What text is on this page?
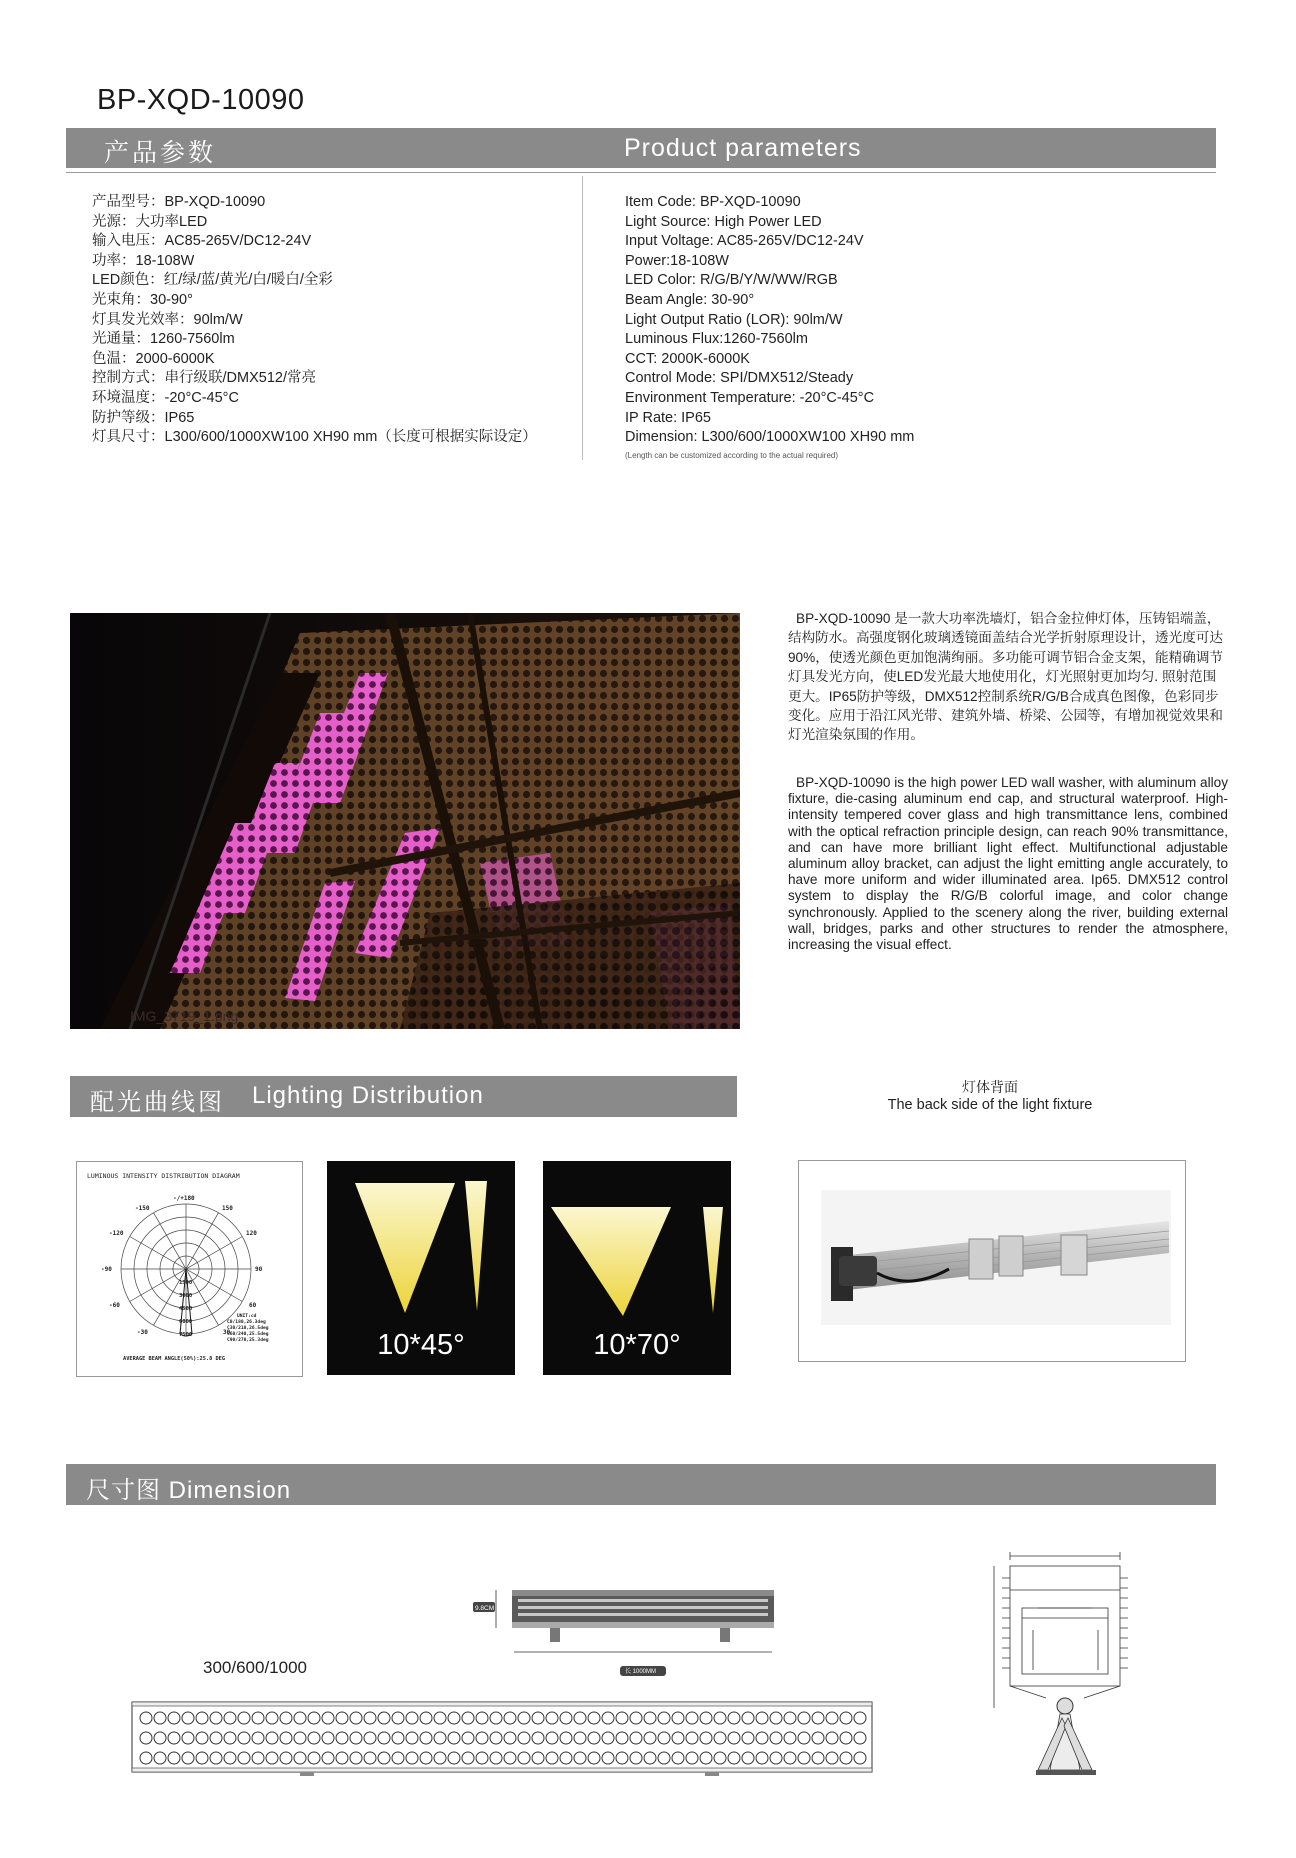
BP-XQD-10090
产品参数	Product parameters
产品型号：BP-XQD-10090
光源：大功率LED
输入电压：AC85-265V/DC12-24V
功率：18-108W
LED颜色：红/绿/蓝/黄光/白/暖白/全彩
光束角：30-90°
灯具发光效率：90lm/W
光通量：1260-7560lm
色温：2000-6000K
控制方式：串行级联/DMX512/常亮
环境温度：-20°C-45°C
防护等级：IP65
灯具尺寸：L300/600/1000XW100 XH90 mm（长度可根据实际设定）
Item Code: BP-XQD-10090
Light Source: High Power LED
Input Voltage: AC85-265V/DC12-24V
Power:18-108W
LED Color: R/G/B/Y/W/WW/RGB
Beam Angle: 30-90°
Light Output Ratio (LOR): 90lm/W
Luminous Flux:1260-7560lm
CCT: 2000K-6000K
Control Mode: SPI/DMX512/Steady
Environment Temperature: -20°C-45°C
IP Rate: IP65
Dimension: L300/600/1000XW100 XH90 mm
(Length can be customized according to the actual required)
IMG_3719_1.png
BP-XQD-10090 是一款大功率洗墙灯，铝合金拉伸灯体，压铸铝端盖，结构防水。高强度钢化玻璃透镜面盖结合光学折射原理设计，透光度可达90%，使透光颜色更加饱满绚丽。多功能可调节铝合金支架，能精确调节灯具发光方向，使LED发光最大地使用化，灯光照射更加均匀. 照射范围更大。IP65防护等级，DMX512控制系统R/G/B合成真色图像，色彩同步变化。应用于沿江风光带、建筑外墙、桥梁、公园等，有增加视觉效果和灯光渲染氛围的作用。
BP-XQD-10090 is the high power LED wall washer, with aluminum alloy fixture, die-casing aluminum end cap, and structural waterproof. High-intensity tempered cover glass and high transmittance lens, combined with the optical refraction principle design, can reach 90% transmittance, and can have more brilliant light effect. Multifunctional adjustable aluminum alloy bracket, can adjust the light emitting angle accurately, to have more uniform and wider illuminated area. Ip65. DMX512 control system to display the R/G/B colorful image, and color change synchronously. Applied to the scenery along the river, building external wall, bridges, parks and other structures to render the atmosphere, increasing the visual effect.
配光曲线图 Lighting Distribution	灯体背面
The back side of the light fixture
LUMINOUS INTENSITY DISTRIBUTION DIAGRAM
-/+180
-150	150
-120	120
-90	90
-60	60
-30	30
1500
3000
4500
6000
7500
UNIT:cd
C0/180,26.3deg
C30/210,26.5deg
C60/240,25.5deg
C90/270,25.3deg
AVERAGE BEAM ANGLE(50%):25.8 DEG	10*45°	10*70°
尺寸图 Dimension
9.8CM
长 1000MM
300/600/1000
